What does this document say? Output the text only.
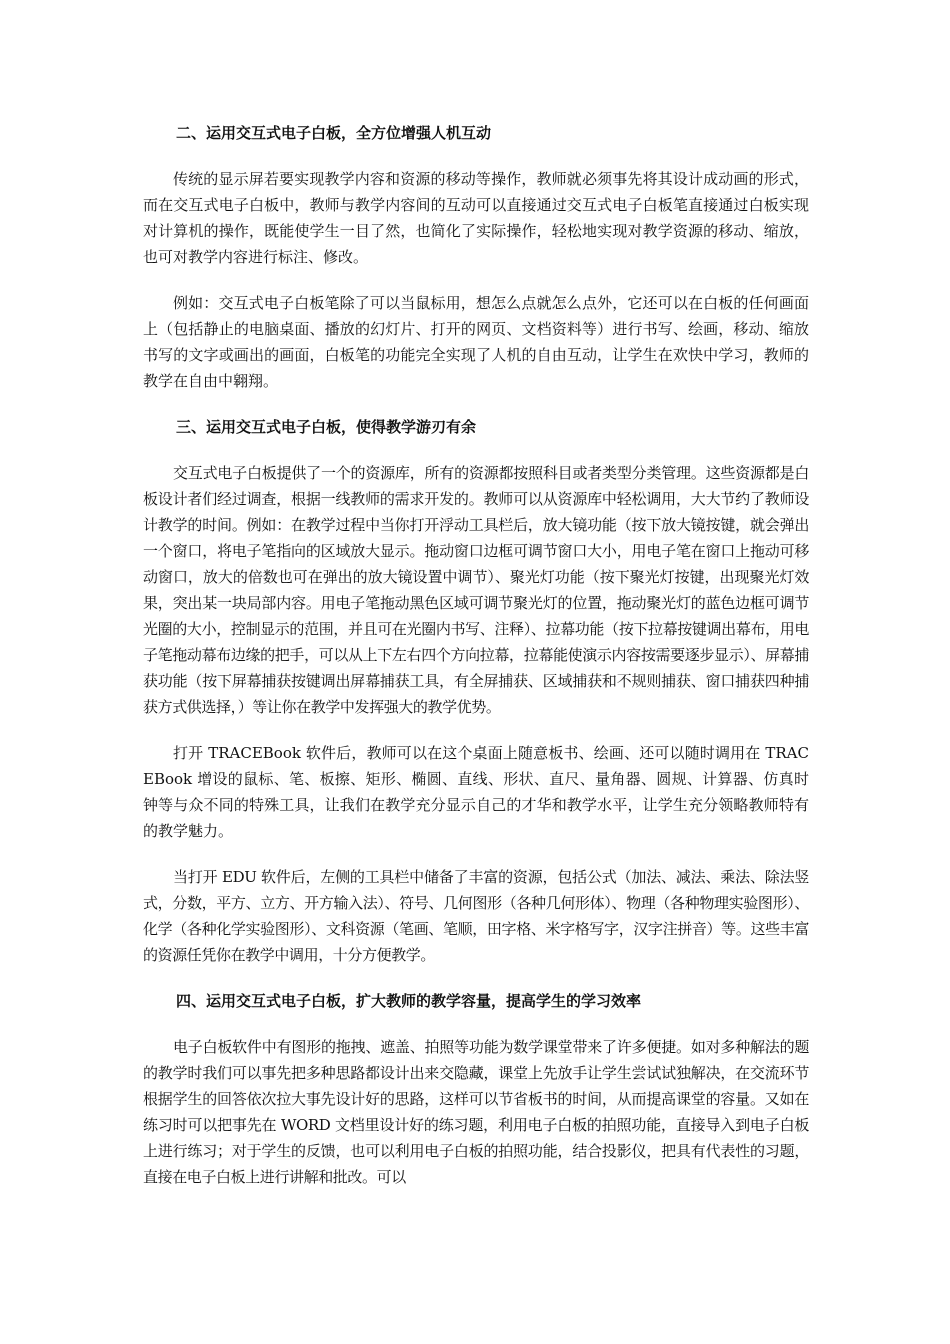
二、运用交互式电子白板，全方位增强人机互动

传统的显示屏若要实现教学内容和资源的移动等操作，教师就必须事先将其设计成动画的形式，而在交互式电子白板中，教师与教学内容间的互动可以直接通过交互式电子白板笔直接通过白板实现对计算机的操作，既能使学生一目了然，也简化了实际操作，轻松地实现对教学资源的移动、缩放，也可对教学内容进行标注、修改。

例如：交互式电子白板笔除了可以当鼠标用，想怎么点就怎么点外，它还可以在白板的任何画面上（包括静止的电脑桌面、播放的幻灯片、打开的网页、文档资料等）进行书写、绘画，移动、缩放书写的文字或画出的画面，白板笔的功能完全实现了人机的自由互动，让学生在欢快中学习，教师的教学在自由中翱翔。

三、运用交互式电子白板，使得教学游刃有余

交互式电子白板提供了一个的资源库，所有的资源都按照科目或者类型分类管理。这些资源都是白板设计者们经过调查，根据一线教师的需求开发的。教师可以从资源库中轻松调用，大大节约了教师设计教学的时间。例如：在教学过程中当你打开浮动工具栏后，放大镜功能（按下放大镜按键，就会弹出一个窗口，将电子笔指向的区域放大显示。拖动窗口边框可调节窗口大小，用电子笔在窗口上拖动可移动窗口，放大的倍数也可在弹出的放大镜设置中调节）、聚光灯功能（按下聚光灯按键，出现聚光灯效果，突出某一块局部内容。用电子笔拖动黑色区域可调节聚光灯的位置，拖动聚光灯的蓝色边框可调节光圈的大小，控制显示的范围，并且可在光圈内书写、注释）、拉幕功能（按下拉幕按键调出幕布，用电子笔拖动幕布边缘的把手，可以从上下左右四个方向拉幕，拉幕能使演示内容按需要逐步显示）、屏幕捕获功能（按下屏幕捕获按键调出屏幕捕获工具，有全屏捕获、区域捕获和不规则捕获、窗口捕获四种捕获方式供选择，）等让你在教学中发挥强大的教学优势。

打开 TRACEBook 软件后，教师可以在这个桌面上随意板书、绘画、还可以随时调用在 TRACEBook 增设的鼠标、笔、板擦、矩形、椭圆、直线、形状、直尺、量角器、圆规、计算器、仿真时钟等与众不同的特殊工具，让我们在教学充分显示自己的才华和教学水平，让学生充分领略教师特有的教学魅力。

当打开 EDU 软件后，左侧的工具栏中储备了丰富的资源，包括公式（加法、减法、乘法、除法竖式，分数，平方、立方、开方输入法）、符号、几何图形（各种几何形体）、物理（各种物理实验图形）、化学（各种化学实验图形）、文科资源（笔画、笔顺，田字格、米字格写字，汉字注拼音）等。这些丰富的资源任凭你在教学中调用，十分方便教学。

四、运用交互式电子白板，扩大教师的教学容量，提高学生的学习效率

电子白板软件中有图形的拖拽、遮盖、拍照等功能为数学课堂带来了许多便捷。如对多种解法的题的教学时我们可以事先把多种思路都设计出来交隐藏，课堂上先放手让学生尝试试独解决，在交流环节根据学生的回答依次拉大事先设计好的思路，这样可以节省板书的时间，从而提高课堂的容量。又如在练习时可以把事先在 WORD 文档里设计好的练习题，利用电子白板的拍照功能，直接导入到电子白板上进行练习；对于学生的反馈，也可以利用电子白板的拍照功能，结合投影仪，把具有代表性的习题，直接在电子白板上进行讲解和批改。可以
